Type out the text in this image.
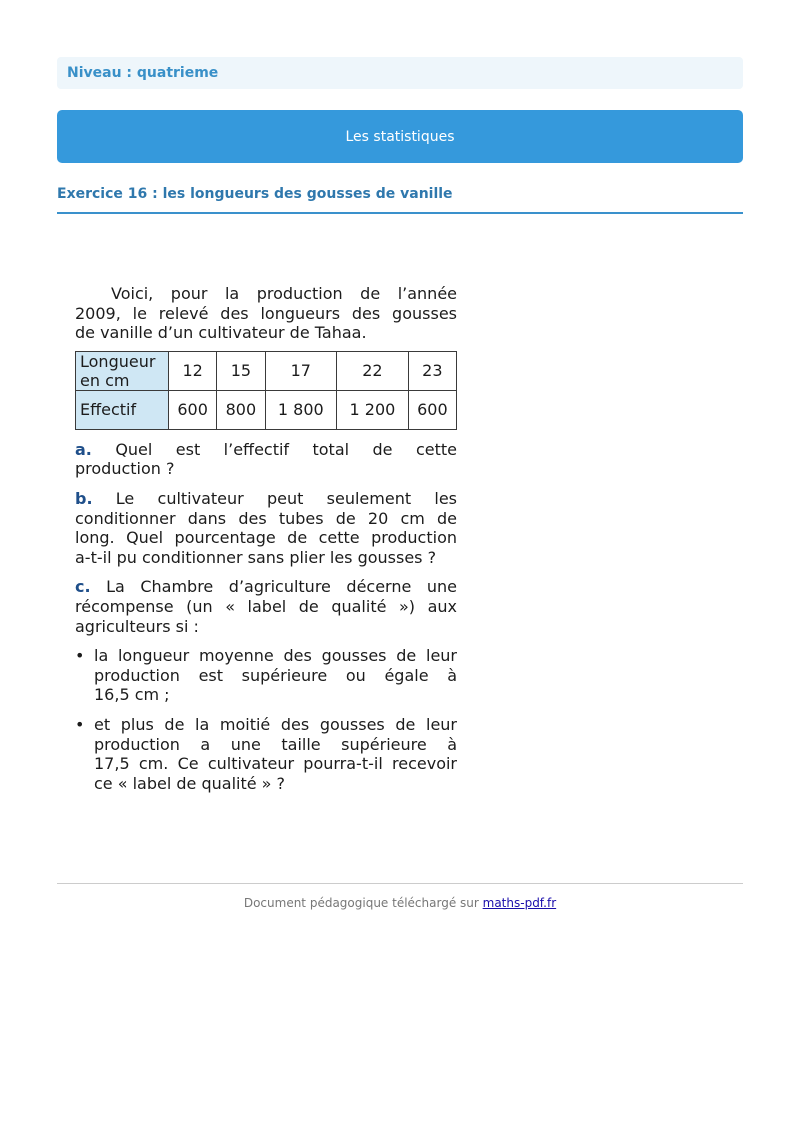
Niveau : quatrieme
Les statistiques
Exercice 16 : les longueurs des gousses de vanille

Voici, pour la production de l’année

2009, le relevé des longueurs des gousses

de vanille d’un cultivateur de Tahaa.

Longueur
en cm	12	15	17	22	23
Effectif	600	800	1 800	1 200	600

a. Quel est l’effectif total de cette

production ?

b. Le cultivateur peut seulement les

conditionner dans des tubes de 20 cm de

long. Quel pourcentage de cette production

a-t-il pu conditionner sans plier les gousses ?

c. La Chambre d’agriculture décerne une

récompense (un « label de qualité ») aux

agriculteurs si :

• la longueur moyenne des gousses de leur

production est supérieure ou égale à

16,5 cm ;

• et plus de la moitié des gousses de leur

production a une taille supérieure à

17,5 cm. Ce cultivateur pourra-t-il recevoir

ce « label de qualité » ?

Document pédagogique téléchargé sur maths-pdf.fr
